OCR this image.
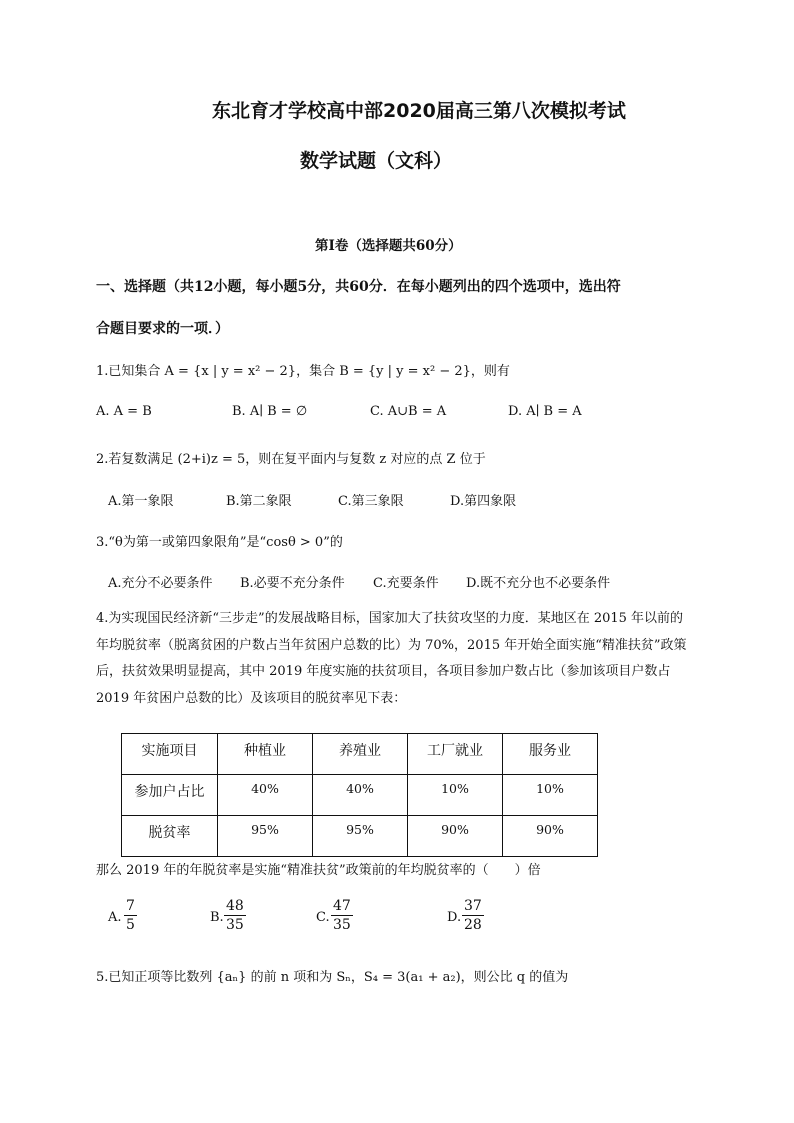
东北育才学校高中部2020届高三第八次模拟考试
数学试题（文科）
第Ⅰ卷（选择题共60分）
一、选择题（共12小题，每小题5分，共60分．在每小题列出的四个选项中，选出符
合题目要求的一项．）
1.已知集合 A = {x | y = x² − 2}，集合 B = {y | y = x² − 2}，则有
A. A = B	B. A∣ B = ∅	C. A∪B = A	D. A∣ B = A
2.若复数满足 (2+i)z = 5，则在复平面内与复数 z 对应的点 Z 位于
A.第一象限	B.第二象限	C.第三象限	D.第四象限
3.“θ为第一或第四象限角”是“cosθ > 0”的
A.充分不必要条件 B.必要不充分条件 C.充要条件 D.既不充分也不必要条件
4.为实现国民经济新“三步走”的发展战略目标，国家加大了扶贫攻坚的力度．某地区在 2015 年以前的年均脱贫率（脱离贫困的户数占当年贫困户总数的比）为 70%，2015 年开始全面实施“精准扶贫”政策后，扶贫效果明显提高，其中 2019 年度实施的扶贫项目，各项目参加户数占比（参加该项目户数占 2019 年贫困户总数的比）及该项目的脱贫率见下表：
实施项目	种植业	养殖业	工厂就业	服务业
参加户占比	40%	40%	10%	10%
脱贫率	95%	95%	90%	90%
那么 2019 年的年脱贫率是实施“精准扶贫”政策前的年均脱贫率的（　　）倍
A. $\frac{7}{5}$	B. $\frac{48}{35}$	C. $\frac{47}{35}$	D. $\frac{37}{28}$
5.已知正项等比数列 {aₙ} 的前 n 项和为 Sₙ，S₄ = 3(a₁ + a₂)，则公比 q 的值为
